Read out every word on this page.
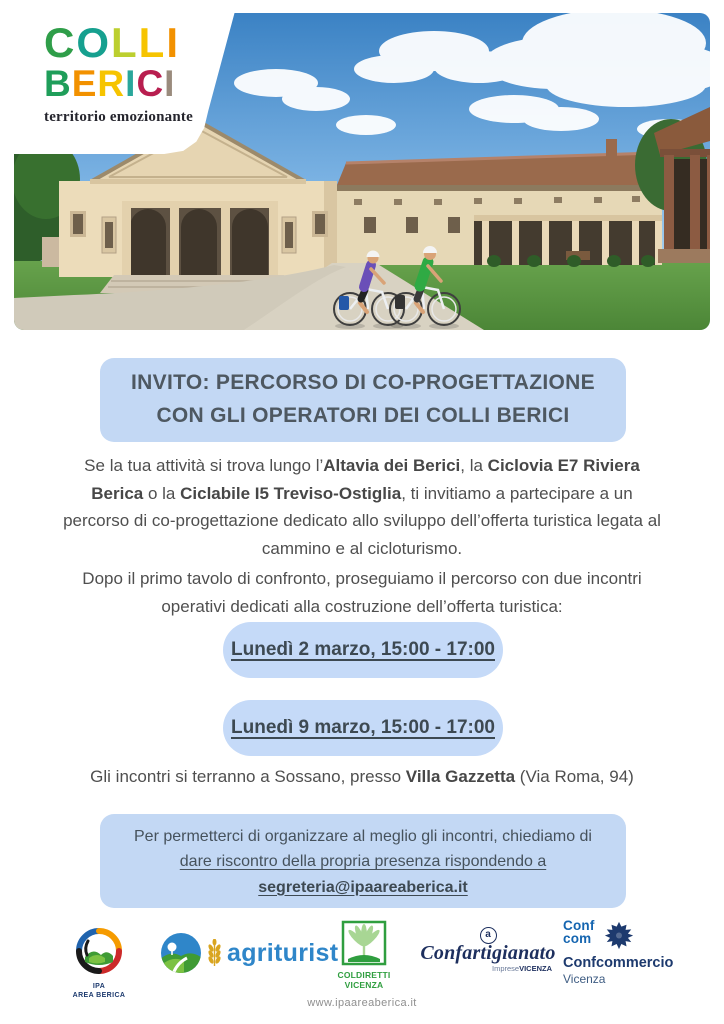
COLLI
BERICI
territorio emozionante
INVITO: PERCORSO DI CO-PROGETTAZIONE CON GLI OPERATORI DEI COLLI BERICI

Se la tua attività si trova lungo l’Altavia dei Berici, la Ciclovia E7 Riviera Berica o la Ciclabile I5 Treviso-Ostiglia, ti invitiamo a partecipare a un percorso di co-progettazione dedicato allo sviluppo dell’offerta turistica legata al cammino e al cicloturismo.

Dopo il primo tavolo di confronto, proseguiamo il percorso con due incontri operativi dedicati alla costruzione dell’offerta turistica:

Lunedì 2 marzo, 15:00 - 17:00
Lunedì 9 marzo, 15:00 - 17:00

Gli incontri si terranno a Sossano, presso Villa Gazzetta (Via Roma, 94)

Per permetterci di organizzare al meglio gli incontri, chiediamo di dare riscontro della propria presenza rispondendo a
segreteria@ipaareaberica.it
IPA
AREA BERICA
agriturist
COLDIRETTI
VICENZA
a
Confartigianato
ImpreseVICENZA
Conf
com
Confcommercio
Vicenza
www.ipaareaberica.it
